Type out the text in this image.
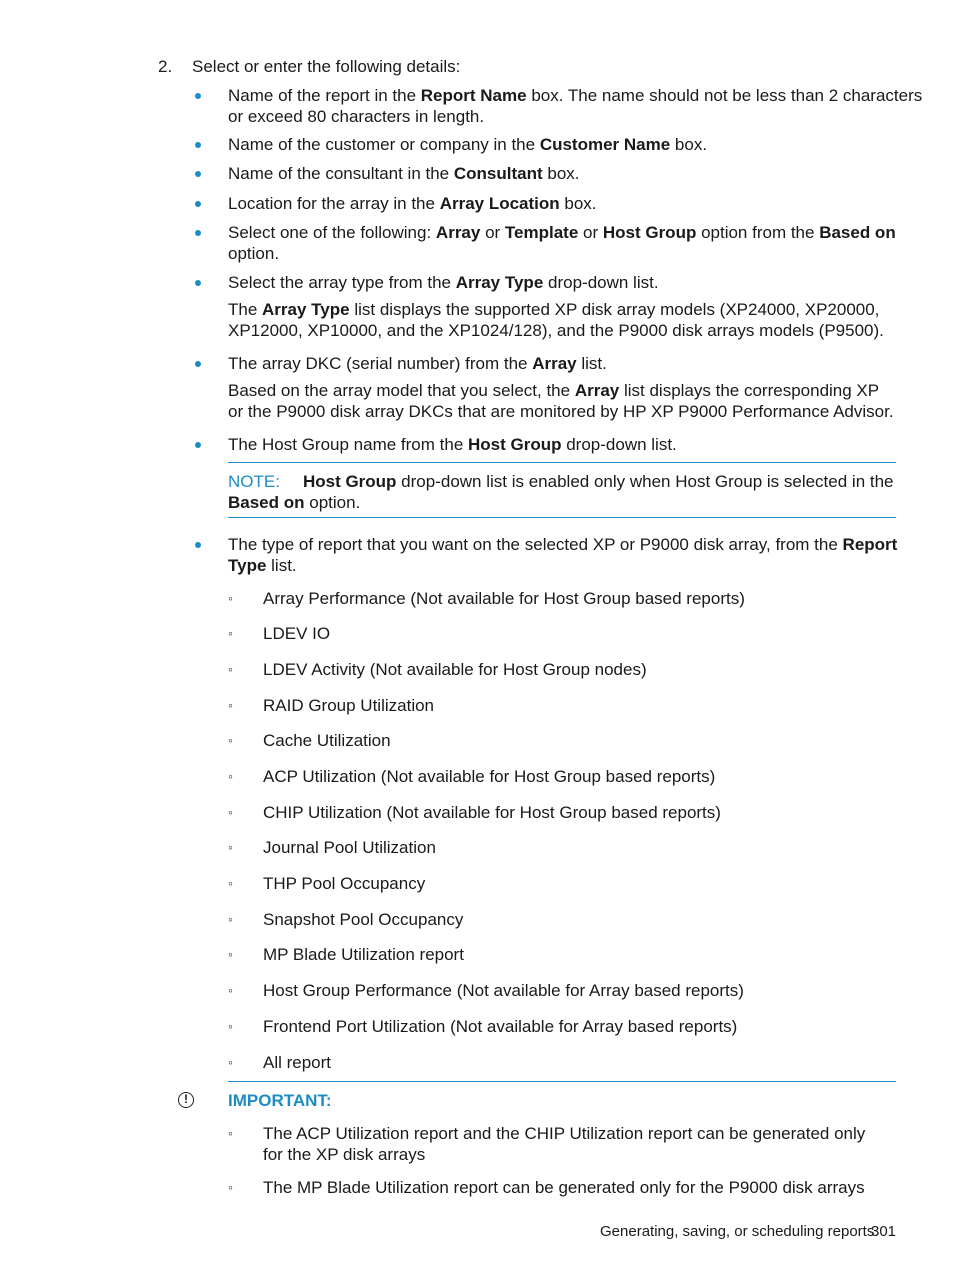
2. Select or enter the following details:
Name of the report in the Report Name box. The name should not be less than 2 characters
or exceed 80 characters in length.
Name of the customer or company in the Customer Name box.
Name of the consultant in the Consultant box.
Location for the array in the Array Location box.
Select one of the following: Array or Template or Host Group option from the Based on
option.
Select the array type from the Array Type drop-down list.
The Array Type list displays the supported XP disk array models (XP24000, XP20000,
XP12000, XP10000, and the XP1024/128), and the P9000 disk arrays models (P9500).
The array DKC (serial number) from the Array list.
Based on the array model that you select, the Array list displays the corresponding XP
or the P9000 disk array DKCs that are monitored by HP XP P9000 Performance Advisor.
The Host Group name from the Host Group drop-down list.
NOTE: Host Group drop-down list is enabled only when Host Group is selected in the
Based on option.
The type of report that you want on the selected XP or P9000 disk array, from the Report
Type list.
◦ Array Performance (Not available for Host Group based reports)
◦ LDEV IO
◦ LDEV Activity (Not available for Host Group nodes)
◦ RAID Group Utilization
◦ Cache Utilization
◦ ACP Utilization (Not available for Host Group based reports)
◦ CHIP Utilization (Not available for Host Group based reports)
◦ Journal Pool Utilization
◦ THP Pool Occupancy
◦ Snapshot Pool Occupancy
◦ MP Blade Utilization report
◦ Host Group Performance (Not available for Array based reports)
◦ Frontend Port Utilization (Not available for Array based reports)
◦ All report
!	IMPORTANT:
◦ The ACP Utilization report and the CHIP Utilization report can be generated only
for the XP disk arrays
◦ The MP Blade Utilization report can be generated only for the P9000 disk arrays
Generating, saving, or scheduling reports
301
